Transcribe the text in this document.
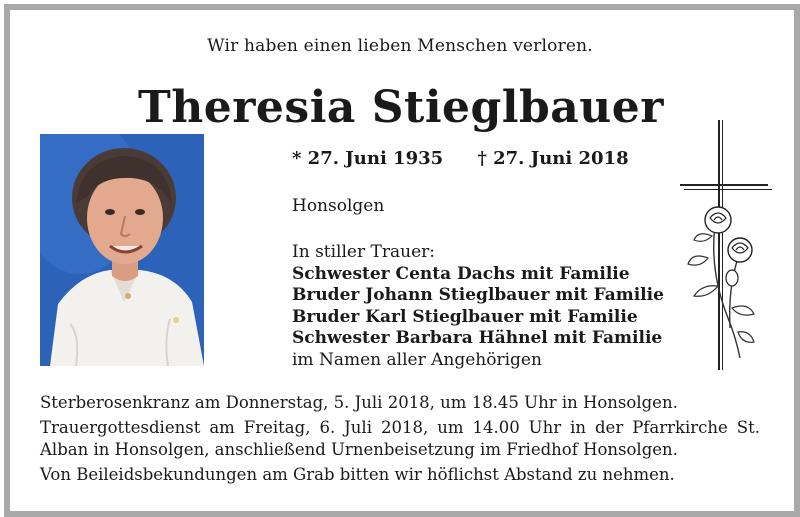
Wir haben einen lieben Menschen verloren.
Theresia Stieglbauer
* 27. Juni 1935 † 27. Juni 2018
Honsolgen
In stiller Trauer:
Schwester Centa Dachs mit Familie
Bruder Johann Stieglbauer mit Familie
Bruder Karl Stieglbauer mit Familie
Schwester Barbara Hähnel mit Familie
im Namen aller Angehörigen

Sterberosenkranz am Donnerstag, 5. Juli 2018, um 18.45 Uhr in Honsolgen.

Trauergottesdienst am Freitag, 6. Juli 2018, um 14.00 Uhr in der Pfarrkirche St. Alban in Honsolgen, anschließend Urnenbeisetzung im Friedhof Honsolgen.

Von Beileidsbekundungen am Grab bitten wir höflichst Abstand zu nehmen.
